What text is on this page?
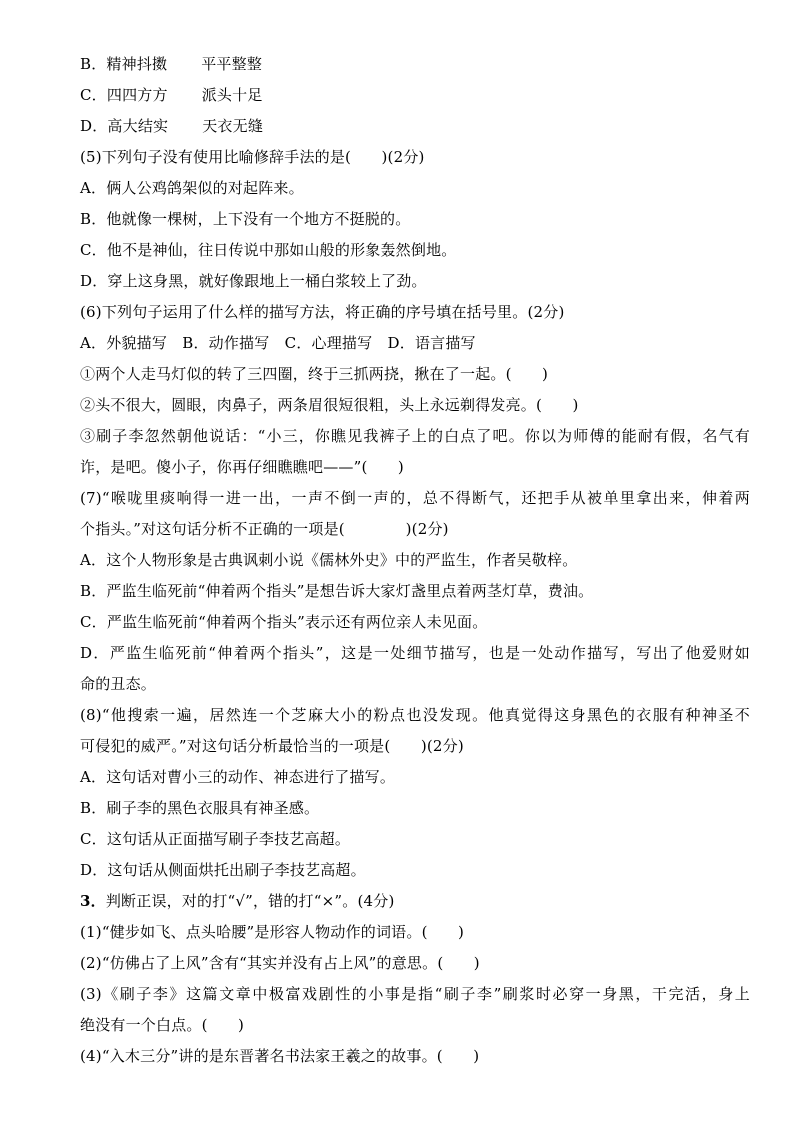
B．精神抖擞 平平整整
C．四四方方 派头十足
D．高大结实 天衣无缝
(5)下列句子没有使用比喻修辞手法的是(　　)(2分)
A．俩人公鸡鸽架似的对起阵来。
B．他就像一棵树，上下没有一个地方不挺脱的。
C．他不是神仙，往日传说中那如山般的形象轰然倒地。
D．穿上这身黑，就好像跟地上一桶白浆较上了劲。
(6)下列句子运用了什么样的描写方法，将正确的序号填在括号里。(2分)
A．外貌描写　B．动作描写　C．心理描写　D．语言描写
①两个人走马灯似的转了三四圈，终于三抓两挠，揪在了一起。(　　)
②头不很大，圆眼，肉鼻子，两条眉很短很粗，头上永远剃得发亮。(　　)
③刷子李忽然朝他说话：“小三，你瞧见我裤子上的白点了吧。你以为师傅的能耐有假，名气有
诈，是吧。傻小子，你再仔细瞧瞧吧——”(　　)
(7)“喉咙里痰响得一进一出，一声不倒一声的，总不得断气，还把手从被单里拿出来，伸着两
个指头。”对这句话分析不正确的一项是(　　　　)(2分)
A．这个人物形象是古典讽刺小说《儒林外史》中的严监生，作者吴敬梓。
B．严监生临死前“伸着两个指头”是想告诉大家灯盏里点着两茎灯草，费油。
C．严监生临死前“伸着两个指头”表示还有两位亲人未见面。
D．严监生临死前“伸着两个指头”，这是一处细节描写，也是一处动作描写，写出了他爱财如
命的丑态。
(8)“他搜索一遍，居然连一个芝麻大小的粉点也没发现。他真觉得这身黑色的衣服有种神圣不
可侵犯的威严。”对这句话分析最恰当的一项是(　　)(2分)
A．这句话对曹小三的动作、神态进行了描写。
B．刷子李的黑色衣服具有神圣感。
C．这句话从正面描写刷子李技艺高超。
D．这句话从侧面烘托出刷子李技艺高超。
3．判断正误，对的打“√”，错的打“×”。(4分)
(1)“健步如飞、点头哈腰”是形容人物动作的词语。(　　)
(2)“仿佛占了上风”含有“其实并没有占上风”的意思。(　　)
(3)《刷子李》这篇文章中极富戏剧性的小事是指“刷子李”刷浆时必穿一身黑，干完活，身上
绝没有一个白点。(　　)
(4)“入木三分”讲的是东晋著名书法家王羲之的故事。(　　)
